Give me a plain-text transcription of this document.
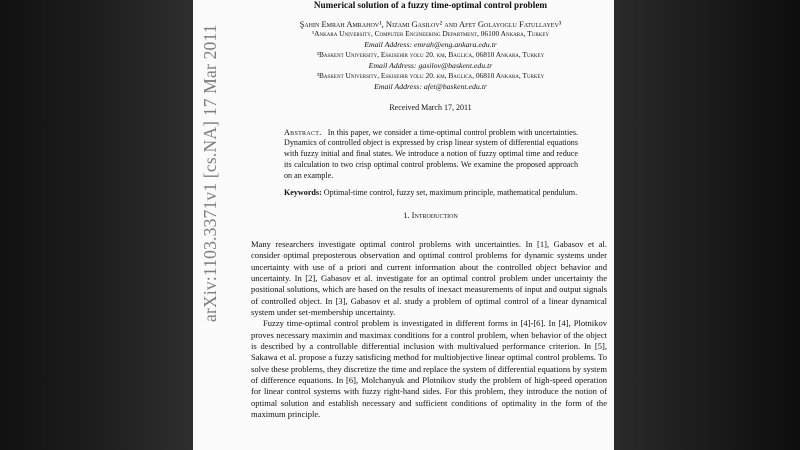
Numerical solution of a fuzzy time-optimal control problem
Şahin Emrah Amrahov¹, Nizami Gasilov² and Afet Golayoglu Fatullayev³
¹Ankara University, Computer Engineering Department, 06100 Ankara, Turkey
Email Address: emrah@eng.ankara.edu.tr
²Baskent University, Eskisehir yolu 20. km, Baglica, 06810 Ankara, Turkey
Email Address: gasilov@baskent.edu.tr
³Baskent University, Eskisehir yolu 20. km, Baglica, 06810 Ankara, Turkey
Email Address: afet@baskent.edu.tr
Received March 17, 2011
Abstract. In this paper, we consider a time-optimal control problem with uncertainties. Dynamics of controlled object is expressed by crisp linear system of differential equations with fuzzy initial and final states. We introduce a notion of fuzzy optimal time and reduce its calculation to two crisp optimal control problems. We examine the proposed approach on an example.
Keywords: Optimal-time control, fuzzy set, maximum principle, mathematical pendulum.
1. Introduction

Many researchers investigate optimal control problems with uncertainties. In [1], Gabasov et al. consider optimal preposterous observation and optimal control problems for dynamic systems under uncertainty with use of a priori and current information about the controlled object behavior and uncertainty. In [2], Gabasov et al. investigate for an optimal control problem under uncertainty the positional solutions, which are based on the results of inexact measurements of input and output signals of controlled object. In [3], Gabasov et al. study a problem of optimal control of a linear dynamical system under set-membership uncertainty.

Fuzzy time-optimal control problem is investigated in different forms in [4]-[6]. In [4], Plotnikov proves necessary maximin and maximax conditions for a control problem, when behavior of the object is described by a controllable differential inclusion with multivalued performance criterion. In [5], Sakawa et al. propose a fuzzy satisficing method for multiobjective linear optimal control problems. To solve these problems, they discretize the time and replace the system of differential equations by system of difference equations. In [6], Molchanyuk and Plotnikov study the problem of high-speed operation for linear control systems with fuzzy right-hand sides. For this problem, they introduce the notion of optimal solution and establish necessary and sufficient conditions of optimality in the form of the maximum principle.

arXiv:1103.3371v1 [cs.NA] 17 Mar 2011
